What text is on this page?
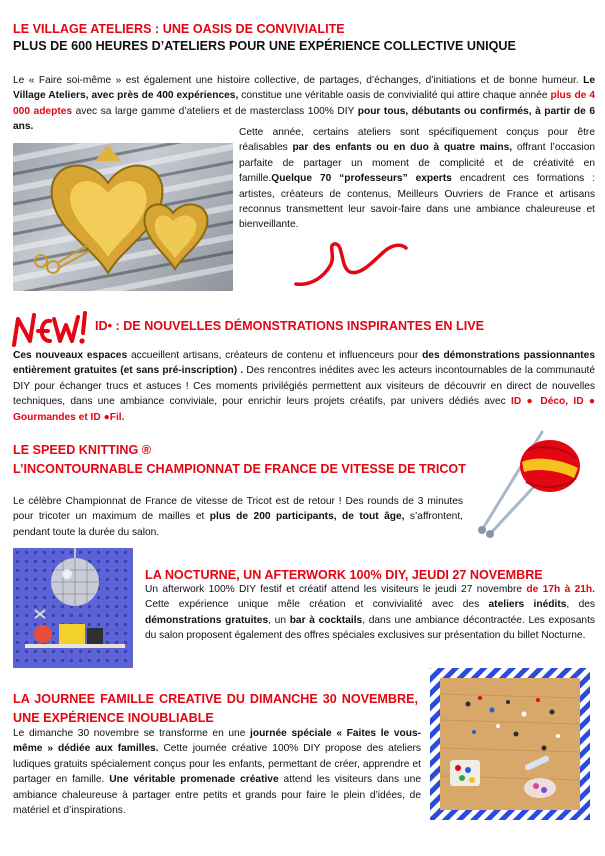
LE VILLAGE ATELIERS : UNE OASIS DE CONVIVIALITE
PLUS DE 600 HEURES D’ATELIERS POUR UNE EXPÉRIENCE COLLECTIVE UNIQUE
Le « Faire soi-même » est également une histoire collective, de partages, d’échanges, d’initiations et de bonne humeur. Le Village Ateliers, avec près de 400 expériences, constitue une véritable oasis de convivialité qui attire chaque année plus de 4 000 adeptes avec sa large gamme d’ateliers et de masterclass 100% DIY pour tous, débutants ou confirmés, à partir de 6 ans.
Cette année, certains ateliers sont spécifiquement conçus pour être réalisables par des enfants ou en duo à quatre mains, offrant l’occasion parfaite de partager un moment de complicité et de créativité en famille.Quelque 70 “professeurs” experts encadrent ces formations : artistes, créateurs de contenus, Meilleurs Ouvriers de France et artisans reconnus transmettent leur savoir-faire dans une ambiance chaleureuse et bienveillante.
ID• : DE NOUVELLES DÉMONSTRATIONS INSPIRANTES EN LIVE
Ces nouveaux espaces accueillent artisans, créateurs de contenu et influenceurs pour des démonstrations passionnantes entièrement gratuites (et sans pré-inscription) . Des rencontres inédites avec les acteurs incontournables de la communauté DIY pour échanger trucs et astuces ! Ces moments privilégiés permettent aux visiteurs de découvrir en direct de nouvelles techniques, dans une ambiance conviviale, pour enrichir leurs projets créatifs, par univers dédiés avec ID ● Déco, ID ● Gourmandes et ID ●Fil.
LE SPEED KNITTING ®
L’INCONTOURNABLE CHAMPIONNAT DE FRANCE DE VITESSE DE TRICOT
Le célèbre Championnat de France de vitesse de Tricot est de retour ! Des rounds de 3 minutes pour tricoter un maximum de mailles et plus de 200 participants, de tout âge, s’affrontent, pendant toute la durée du salon.
LA NOCTURNE, UN AFTERWORK 100% DIY, JEUDI 27 NOVEMBRE
Un afterwork 100% DIY festif et créatif attend les visiteurs le jeudi 27 novembre de 17h à 21h. Cette expérience unique mêle création et convivialité avec des ateliers inédits, des démonstrations gratuites, un bar à cocktails, dans une ambiance décontractée. Les exposants du salon proposent également des offres spéciales exclusives sur présentation du billet Nocturne.
LA JOURNEE FAMILLE CREATIVE DU DIMANCHE 30 NOVEMBRE, UNE EXPÉRIENCE INOUBLIABLE
Le dimanche 30 novembre se transforme en une journée spéciale « Faites le vous-même » dédiée aux familles. Cette journée créative 100% DIY propose des ateliers ludiques gratuits spécialement conçus pour les enfants, permettant de créer, apprendre et partager en famille. Une véritable promenade créative attend les visiteurs dans une ambiance chaleureuse à partager entre petits et grands pour faire le plein d’idées, de matériel et d’inspirations.
